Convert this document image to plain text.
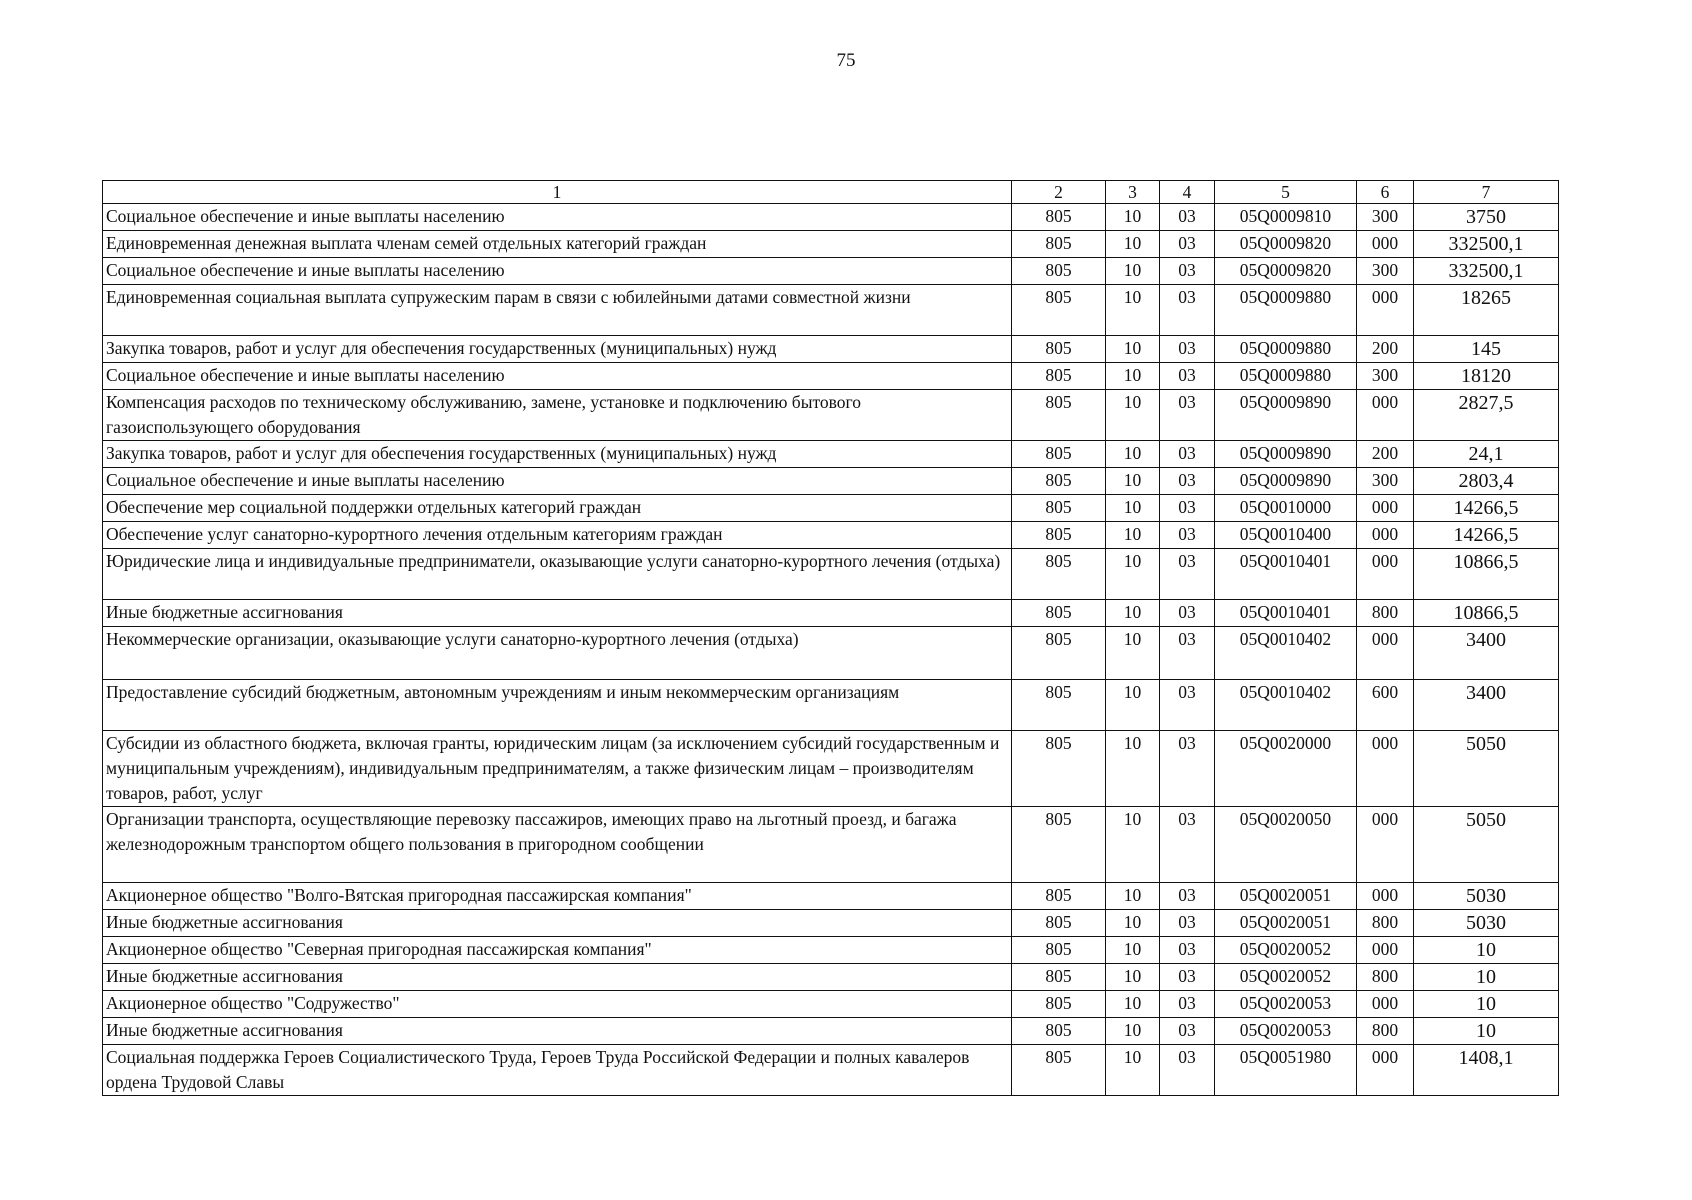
75
1	2	3	4	5	6	7
Социальное обеспечение и иные выплаты населению	805	10	03	05Q0009810	300	3750
Единовременная денежная выплата членам семей отдельных категорий граждан	805	10	03	05Q0009820	000	332500,1
Социальное обеспечение и иные выплаты населению	805	10	03	05Q0009820	300	332500,1
Единовременная социальная выплата супружеским парам в связи с юбилейными датами совместной жизни	805	10	03	05Q0009880	000	18265
Закупка товаров, работ и услуг для обеспечения государственных (муниципальных) нужд	805	10	03	05Q0009880	200	145
Социальное обеспечение и иные выплаты населению	805	10	03	05Q0009880	300	18120
Компенсация расходов по техническому обслуживанию, замене, установке и подключению бытового газоиспользующего оборудования	805	10	03	05Q0009890	000	2827,5
Закупка товаров, работ и услуг для обеспечения государственных (муниципальных) нужд	805	10	03	05Q0009890	200	24,1
Социальное обеспечение и иные выплаты населению	805	10	03	05Q0009890	300	2803,4
Обеспечение мер социальной поддержки отдельных категорий граждан	805	10	03	05Q0010000	000	14266,5
Обеспечение услуг санаторно-курортного лечения отдельным категориям граждан	805	10	03	05Q0010400	000	14266,5
Юридические лица и индивидуальные предприниматели, оказывающие услуги санаторно-курортного лечения (отдыха)	805	10	03	05Q0010401	000	10866,5
Иные бюджетные ассигнования	805	10	03	05Q0010401	800	10866,5
Некоммерческие организации, оказывающие услуги санаторно-курортного лечения (отдыха)	805	10	03	05Q0010402	000	3400
Предоставление субсидий бюджетным, автономным учреждениям и иным некоммерческим организациям	805	10	03	05Q0010402	600	3400
Субсидии из областного бюджета, включая гранты, юридическим лицам (за исключением субсидий государственным и муниципальным учреждениям), индивидуальным предпринимателям, а также физическим лицам – производителям товаров, работ, услуг	805	10	03	05Q0020000	000	5050
Организации транспорта, осуществляющие перевозку пассажиров, имеющих право на льготный проезд, и багажа железнодорожным транспортом общего пользования в пригородном сообщении	805	10	03	05Q0020050	000	5050
Акционерное общество "Волго-Вятская пригородная пассажирская компания"	805	10	03	05Q0020051	000	5030
Иные бюджетные ассигнования	805	10	03	05Q0020051	800	5030
Акционерное общество "Северная пригородная пассажирская компания"	805	10	03	05Q0020052	000	10
Иные бюджетные ассигнования	805	10	03	05Q0020052	800	10
Акционерное общество "Содружество"	805	10	03	05Q0020053	000	10
Иные бюджетные ассигнования	805	10	03	05Q0020053	800	10
Социальная поддержка Героев Социалистического Труда, Героев Труда Российской Федерации и полных кавалеров ордена Трудовой Славы	805	10	03	05Q0051980	000	1408,1
